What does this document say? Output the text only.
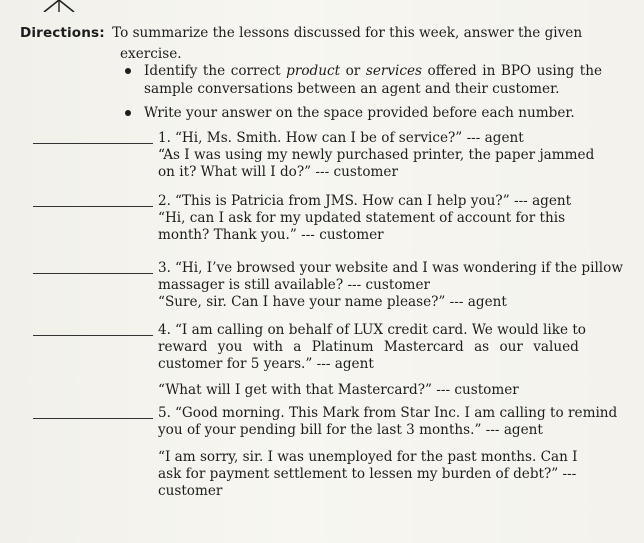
Directions: To summarize the lessons discussed for this week, answer the given
exercise.
Identify the correct product or services offered in BPO using the sample conversations between an agent and their customer.
Write your answer on the space provided before each number.
1. “Hi, Ms. Smith. How can I be of service?” --- agent
“As I was using my newly purchased printer, the paper jammed
on it? What will I do?” --- customer
2. “This is Patricia from JMS. How can I help you?” --- agent
“Hi, can I ask for my updated statement of account for this
month? Thank you.” --- customer
3. “Hi, I’ve browsed your website and I was wondering if the pillow
massager is still available? --- customer
“Sure, sir. Can I have your name please?” --- agent
4. “I am calling on behalf of LUX credit card. We would like to
reward you with a Platinum Mastercard as our valued
customer for 5 years.” --- agent
“What will I get with that Mastercard?” --- customer
5. “Good morning. This Mark from Star Inc. I am calling to remind
you of your pending bill for the last 3 months.” --- agent
“I am sorry, sir. I was unemployed for the past months. Can I
ask for payment settlement to lessen my burden of debt?” ---
customer
